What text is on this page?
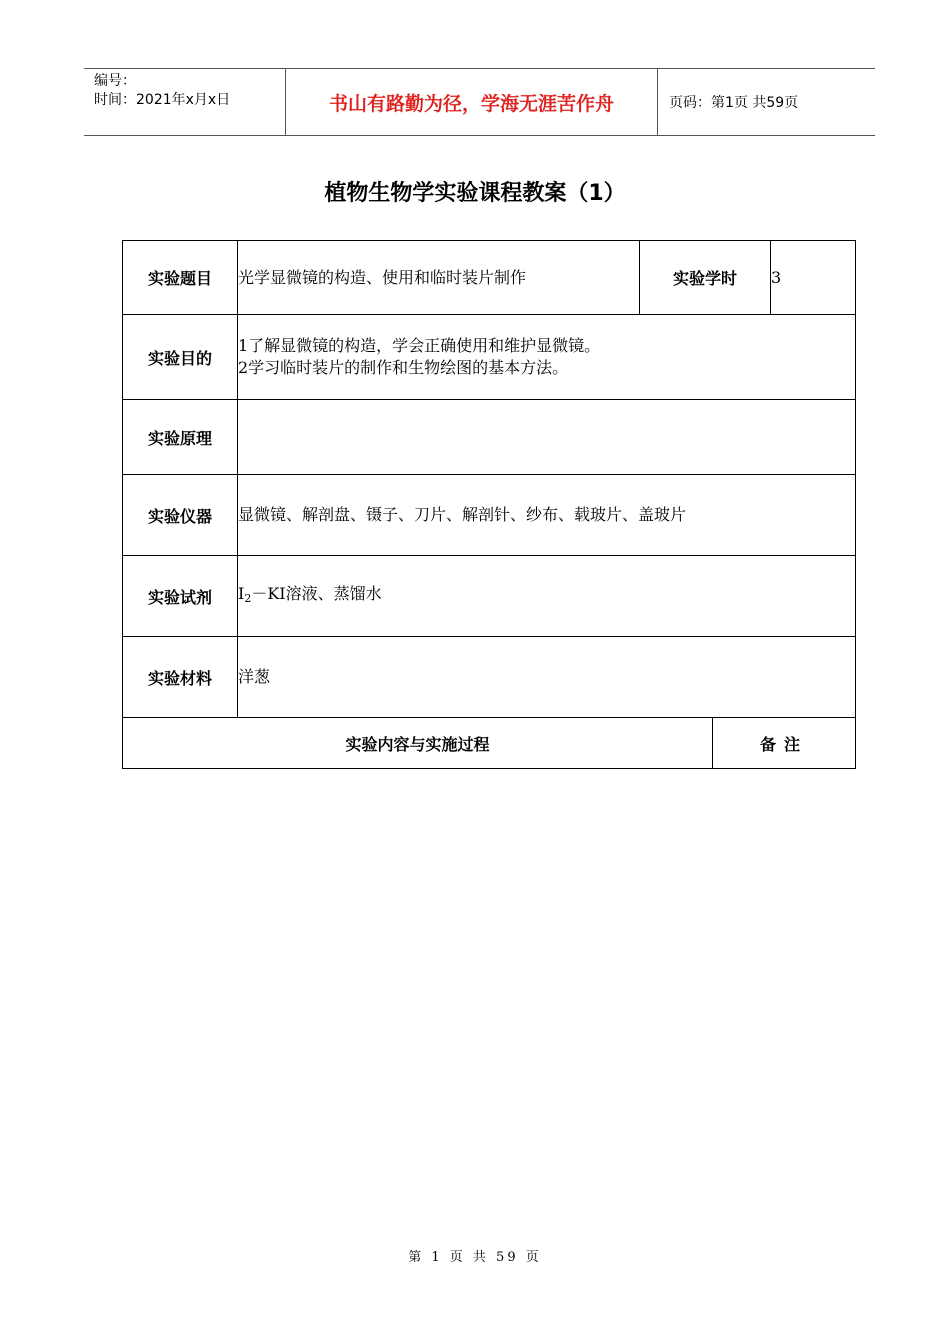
编号：
时间：2021年x月x日	书山有路勤为径，学海无涯苦作舟	页码：第1页 共59页
植物生物学实验课程教案（1）
实验题目	光学显微镜的构造、使用和临时装片制作	实验学时		3
实验目的	1了解显微镜的构造，学会正确使用和维护显微镜。
2学习临时装片的制作和生物绘图的基本方法。			

实验原理				
实验仪器	显微镜、解剖盘、镊子、刀片、解剖针、纱布、载玻片、盖玻片			
实验试剂	$I_2-KI$溶液、蒸馏水			
实验材料	洋葱			
实验内容与实施过程			备注	
第 1 页 共 59 页
